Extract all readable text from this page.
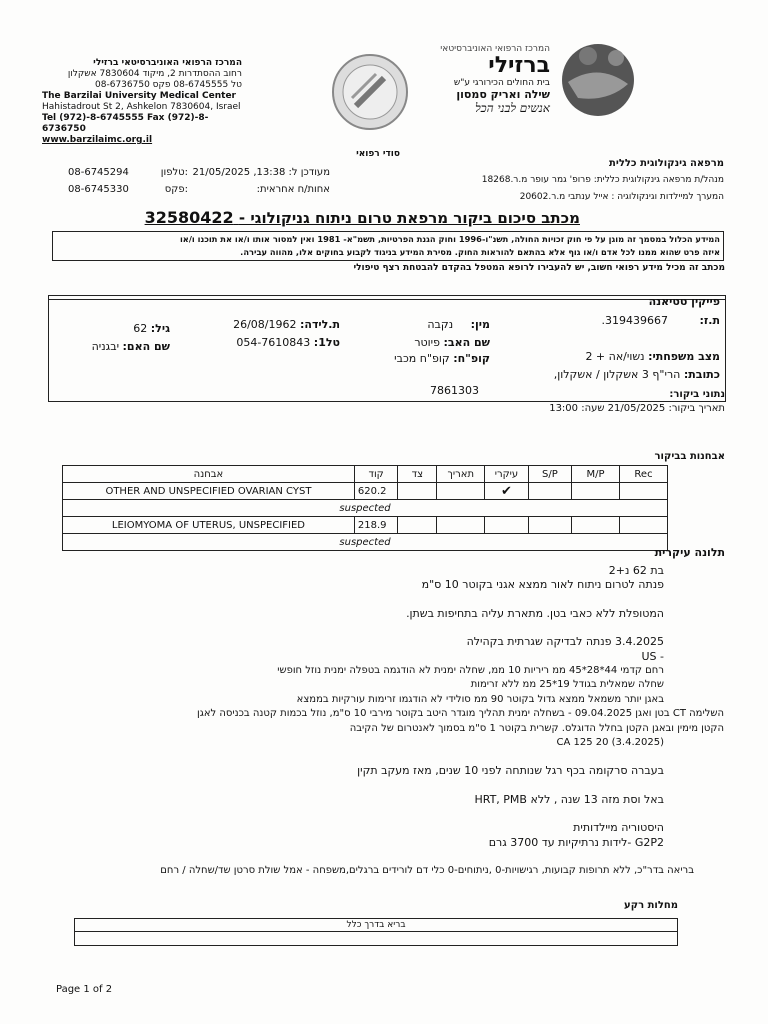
המרכז הרפואי האוניברסיטאי ברזילי
רחוב ההסתדרות 2, מיקוד 7830604 אשקלון
טל 08-6745555 פקס 08-6736750
The Barzilai University Medical Center
Hahistadrout St 2, Ashkelon 7830604, Israel
Tel (972)-8-6745555 Fax (972)-8-6736750
www.barzilaimc.org.il
המרכז הרפואי האוניברסיטאי
ברזילי
בית החולים הכירורגי ע"ש
שילה ואריק סמסון
אנשים לבני הכל
סודי רפואי
מרפאה גינקולוגית כללית
מנהל/ת מרפאה גינקולוגית כללית: פרופ' גמר עופר מ.ר.18268
המערך למיילדות וגינקולוגיה : אייל ענתבי מ.ר.20602
מעודכן ל: 13:38, 21/05/2025
אחות/ח אחראית:
08-6745294	טלפון:
08-6745330	פקס:
מכתב סיכום ביקור מרפאת טרום ניתוח גניקולוגי - 32580422
המידע הכלול במסמך זה מוגן על פי חוק זכויות החולה, תשנ"ו-1996 וחוק הגנת הפרטיות, תשמ"א- 1981 ואין למסור אותו ו/או את תוכנו ו/או
איזה פרט שהוא ממנו לכל אדם ו/או גוף אלא בהתאם להוראות החוק. מסירת המידע בניגוד לקבוע בחוקים אלו, מהווה עבירה.
מכתב זה מכיל מידע רפואי חשוב, יש להעבירו לרופא המטפל בהקדם להבטחת רצף טיפולי
פייקין טטיאנה
ת.ז: 319439667.
מין: נקבה
ת.לידה: 26/08/1962
גיל: 62
שם האב: פיוטר
טל1: 054-7610843
שם האם: יבגניה
מצב משפחתי: נשוי/אה + 2
קופ"ח: קופ"ח מכבי
כתובת: הרי"ף 3 אשקלון / אשקלון,
7861303	נתוני ביקור:
תאריך ביקור: 21/05/2025 שעה: 13:00
אבחנות בביקור
אבחנה	קוד	צד	תאריך	עיקרי	S/P	M/P	Rec
OTHER AND UNSPECIFIED OVARIAN CYST	620.2			✔			
suspected							
LEIOMYOMA OF UTERUS, UNSPECIFIED	218.9						
suspected							
תלונה עיקרית
בת 62 נ+2
פנתה לטרום ניתוח לאור ממצא אגני בקוטר 10 ס"מ
המטופלת ללא כאבי בטן. מתארת עליה בתחיפות בשתן.
3.4.2025 פנתה לבדיקה שגרתית בקהילה
- US
רחם קדמי 44*28*45 ממ ריריות 10 ממ, שחלה ימנית לא הודגמה בטפלה ימנית נוזל חופשי
שחלה שמאלית בגודל 19*25 ממ ללא זרימות
באגן יותר משמאל ממצא גדול בקוטר 90 ממ סולידי לא הודגמו זרימות עורקיות בממצא
השלימה CT בטן ואגן 09.04.2025 - בשחלה ימנית תהליך מוגדר היטב בקוטר מירבי 10 ס"מ, נוזל בכמות קטנה בכניסה לאגן
הקטן מימין ובאגן הקטן בחלל הדוגלס. קשרית בקוטר 1 ס"מ בסמוך לאנטרום של הקיבה
CA 125 20 (3.4.2025)
בעברה סרקומה בכף רגל שנותחה לפני 10 שנים, מאז מעקב תקין
באל וסת מזה 13 שנה , ללא HRT, PMB
היסטוריה מיילדותית
G2P2 -לידות נרתיקיות עד 3700 גרם
בריאה בדר"כ, ללא תרופות קבועות, רגישויות-0 ,ניתוחים-0 כלי דם לורידים ברגלים,משפחה - אמל שולת סרטן שד/שחלה / רחם
מחלות רקע
בריא בדרך כלל
Page 1 of 2
